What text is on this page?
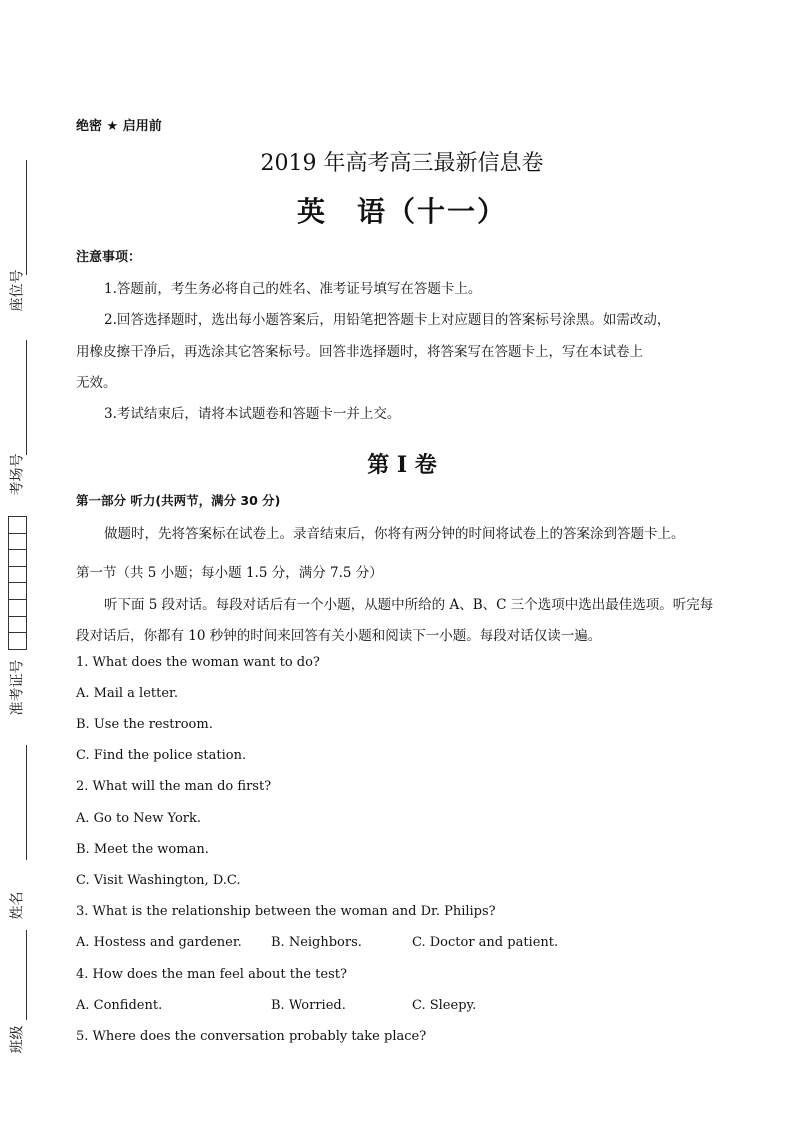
座位号
考场号
准考证号
姓名
班级
绝密 ★ 启用前
2019 年高考高三最新信息卷
英　语（十一）
注意事项：
1.答题前，考生务必将自己的姓名、准考证号填写在答题卡上。
2.回答选择题时，选出每小题答案后，用铅笔把答题卡上对应题目的答案标号涂黑。如需改动，
用橡皮擦干净后，再选涂其它答案标号。回答非选择题时，将答案写在答题卡上，写在本试卷上
无效。
3.考试结束后，请将本试题卷和答题卡一并上交。
第 I 卷
第一部分 听力(共两节，满分 30 分)
做题时，先将答案标在试卷上。录音结束后，你将有两分钟的时间将试卷上的答案涂到答题卡上。
第一节（共 5 小题；每小题 1.5 分，满分 7.5 分）
听下面 5 段对话。每段对话后有一个小题，从题中所给的 A、B、C 三个选项中选出最佳选项。听完每
段对话后，你都有 10 秒钟的时间来回答有关小题和阅读下一小题。每段对话仅读一遍。
1. What does the woman want to do?
A. Mail a letter.
B. Use the restroom.
C. Find the police station.
2. What will the man do first?
A. Go to New York.
B. Meet the woman.
C. Visit Washington, D.C.
3. What is the relationship between the woman and Dr. Philips?
A. Hostess and gardener. B. Neighbors.	C. Doctor and patient.
4. How does the man feel about the test?
A. Confident.	B. Worried.	C. Sleepy.
5. Where does the conversation probably take place?
